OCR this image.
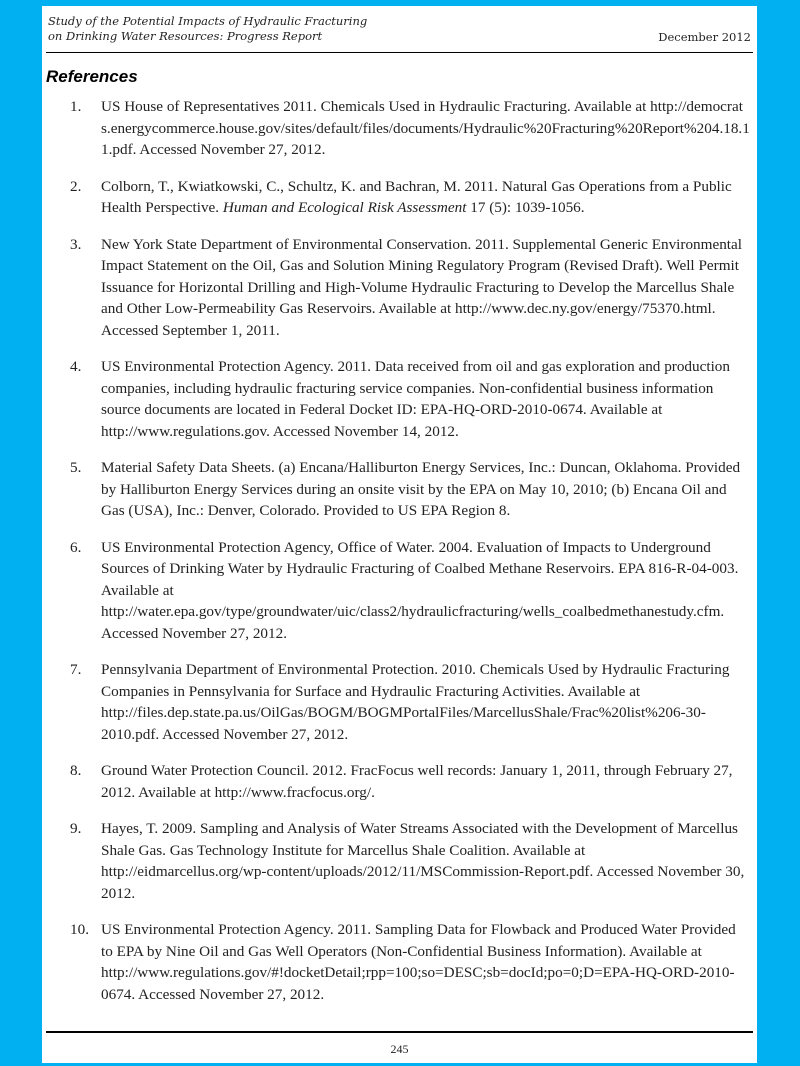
Study of the Potential Impacts of Hydraulic Fracturing
on Drinking Water Resources: Progress Report	December 2012
References
1.	US House of Representatives 2011. Chemicals Used in Hydraulic Fracturing. Available at http://democrats.energycommerce.house.gov/sites/default/files/documents/Hydraulic%20Fracturing%20Report%204.18.11.pdf. Accessed November 27, 2012.
2.	Colborn, T., Kwiatkowski, C., Schultz, K. and Bachran, M. 2011. Natural Gas Operations from a Public Health Perspective. Human and Ecological Risk Assessment 17 (5): 1039-1056.
3.	New York State Department of Environmental Conservation. 2011. Supplemental Generic Environmental Impact Statement on the Oil, Gas and Solution Mining Regulatory Program (Revised Draft). Well Permit Issuance for Horizontal Drilling and High-Volume Hydraulic Fracturing to Develop the Marcellus Shale and Other Low-Permeability Gas Reservoirs. Available at http://www.dec.ny.gov/energy/75370.html. Accessed September 1, 2011.
4.	US Environmental Protection Agency. 2011. Data received from oil and gas exploration and production companies, including hydraulic fracturing service companies. Non-confidential business information source documents are located in Federal Docket ID: EPA-HQ-ORD-2010-0674. Available at http://www.regulations.gov. Accessed November 14, 2012.
5.	Material Safety Data Sheets. (a) Encana/Halliburton Energy Services, Inc.: Duncan, Oklahoma. Provided by Halliburton Energy Services during an onsite visit by the EPA on May 10, 2010; (b) Encana Oil and Gas (USA), Inc.: Denver, Colorado. Provided to US EPA Region 8.
6.	US Environmental Protection Agency, Office of Water. 2004. Evaluation of Impacts to Underground Sources of Drinking Water by Hydraulic Fracturing of Coalbed Methane Reservoirs. EPA 816-R-04-003. Available at http://water.epa.gov/type/groundwater/uic/class2/hydraulicfracturing/wells_coalbedmethanestudy.cfm. Accessed November 27, 2012.
7.	Pennsylvania Department of Environmental Protection. 2010. Chemicals Used by Hydraulic Fracturing Companies in Pennsylvania for Surface and Hydraulic Fracturing Activities. Available at http://files.dep.state.pa.us/OilGas/BOGM/BOGMPortalFiles/MarcellusShale/Frac%20list%206-30-2010.pdf. Accessed November 27, 2012.
8.	Ground Water Protection Council. 2012. FracFocus well records: January 1, 2011, through February 27, 2012. Available at http://www.fracfocus.org/.
9.	Hayes, T. 2009. Sampling and Analysis of Water Streams Associated with the Development of Marcellus Shale Gas. Gas Technology Institute for Marcellus Shale Coalition. Available at http://eidmarcellus.org/wp-content/uploads/2012/11/MSCommission-Report.pdf. Accessed November 30, 2012.
10. US Environmental Protection Agency. 2011. Sampling Data for Flowback and Produced Water Provided to EPA by Nine Oil and Gas Well Operators (Non-Confidential Business Information). Available at http://www.regulations.gov/#!docketDetail;rpp=100;so=DESC;sb=docId;po=0;D=EPA-HQ-ORD-2010-0674. Accessed November 27, 2012.
245
